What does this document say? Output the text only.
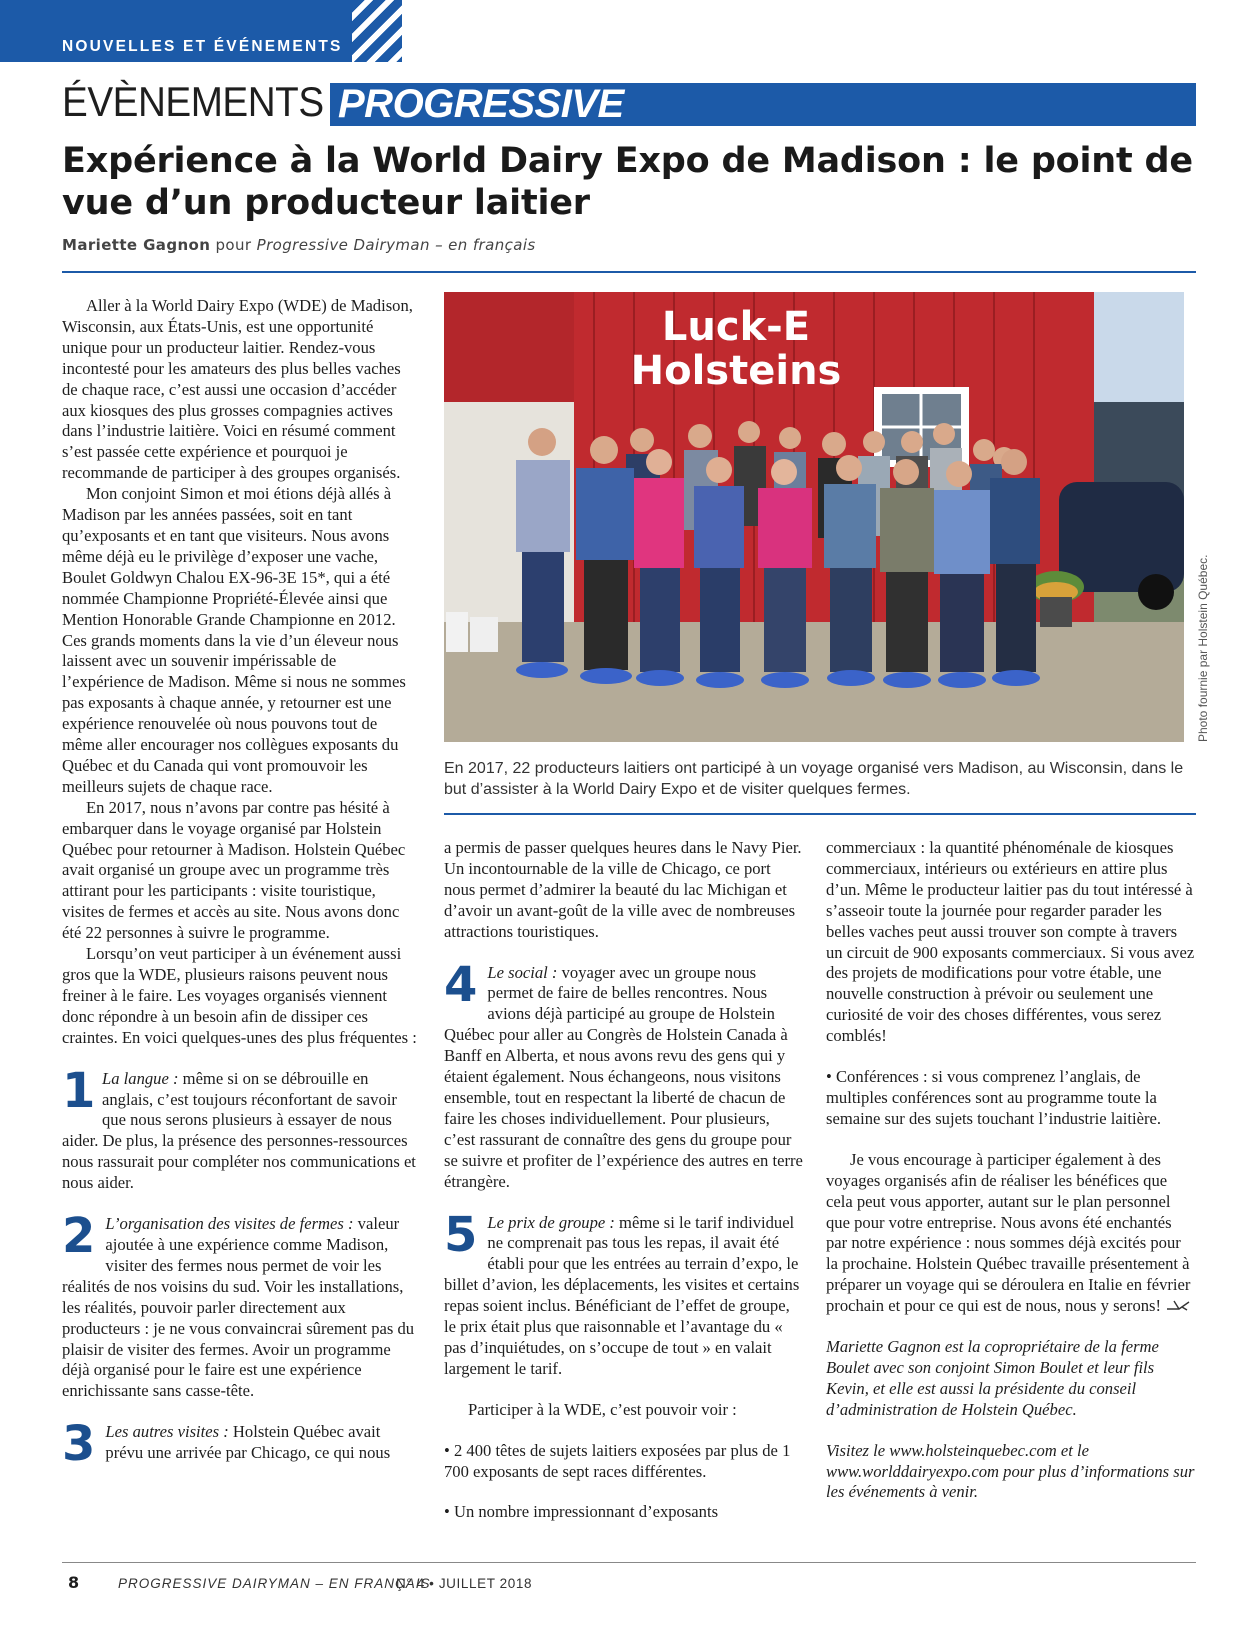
NOUVELLES ET ÉVÉNEMENTS
ÉVÈNEMENTS PROGRESSIVE
Expérience à la World Dairy Expo de Madison : le point de vue d’un producteur laitier
Mariette Gagnon pour Progressive Dairyman – en français
Luck-E
Holsteins
Photo fournie par Holstein Québec.
En 2017, 22 producteurs laitiers ont participé à un voyage organisé vers Madison, au Wisconsin, dans le but d’assister à la World Dairy Expo et de visiter quelques fermes.

Aller à la World Dairy Expo (WDE) de Madison, Wisconsin, aux États-Unis, est une opportunité unique pour un producteur laitier. Rendez-vous incontesté pour les amateurs des plus belles vaches de chaque race, c’est aussi une occasion d’accéder aux kiosques des plus grosses compagnies actives dans l’industrie laitière. Voici en résumé comment s’est passée cette expérience et pourquoi je recommande de participer à des groupes organisés.

Mon conjoint Simon et moi étions déjà allés à Madison par les années passées, soit en tant qu’exposants et en tant que visiteurs. Nous avons même déjà eu le privilège d’exposer une vache, Boulet Goldwyn Chalou EX-96-3E 15*, qui a été nommée Championne Propriété-Élevée ainsi que Mention Honorable Grande Championne en 2012. Ces grands moments dans la vie d’un éleveur nous laissent avec un souvenir impérissable de l’expérience de Madison. Même si nous ne sommes pas exposants à chaque année, y retourner est une expérience renouvelée où nous pouvons tout de même aller encourager nos collègues exposants du Québec et du Canada qui vont promouvoir les meilleurs sujets de chaque race.

En 2017, nous n’avons par contre pas hésité à embarquer dans le voyage organisé par Holstein Québec pour retourner à Madison. Holstein Québec avait organisé un groupe avec un programme très attirant pour les participants : visite touristique, visites de fermes et accès au site. Nous avons donc été 22 personnes à suivre le programme.

Lorsqu’on veut participer à un événement aussi gros que la WDE, plusieurs raisons peuvent nous freiner à le faire. Les voyages organisés viennent donc répondre à un besoin afin de dissiper ces craintes. En voici quelques-unes des plus fréquentes :

1 La langue : même si on se débrouille en anglais, c’est toujours réconfortant de savoir que nous serons plusieurs à essayer de nous aider. De plus, la présence des personnes-ressources nous rassurait pour compléter nos communications et nous aider.

2 L’organisation des visites de fermes : valeur ajoutée à une expérience comme Madison, visiter des fermes nous permet de voir les réalités de nos voisins du sud. Voir les installations, les réalités, pouvoir parler directement aux producteurs : je ne vous convaincrai sûrement pas du plaisir de visiter des fermes. Avoir un programme déjà organisé pour le faire est une expérience enrichissante sans casse-tête.

3 Les autres visites : Holstein Québec avait prévu une arrivée par Chicago, ce qui nous

a permis de passer quelques heures dans le Navy Pier. Un incontournable de la ville de Chicago, ce port nous permet d’admirer la beauté du lac Michigan et d’avoir un avant-goût de la ville avec de nombreuses attractions touristiques.

4 Le social : voyager avec un groupe nous permet de faire de belles rencontres. Nous avions déjà participé au groupe de Holstein Québec pour aller au Congrès de Holstein Canada à Banff en Alberta, et nous avons revu des gens qui y étaient également. Nous échangeons, nous visitons ensemble, tout en respectant la liberté de chacun de faire les choses individuellement. Pour plusieurs, c’est rassurant de connaître des gens du groupe pour se suivre et profiter de l’expérience des autres en terre étrangère.

5 Le prix de groupe : même si le tarif individuel ne comprenait pas tous les repas, il avait été établi pour que les entrées au terrain d’expo, le billet d’avion, les déplacements, les visites et certains repas soient inclus. Bénéficiant de l’effet de groupe, le prix était plus que raisonnable et l’avantage du « pas d’inquiétudes, on s’occupe de tout » en valait largement le tarif.

Participer à la WDE, c’est pouvoir voir :

• 2 400 têtes de sujets laitiers exposées par plus de 1 700 exposants de sept races différentes.

• Un nombre impressionnant d’exposants

commerciaux : la quantité phénoménale de kiosques commerciaux, intérieurs ou extérieurs en attire plus d’un. Même le producteur laitier pas du tout intéressé à s’asseoir toute la journée pour regarder parader les belles vaches peut aussi trouver son compte à travers un circuit de 900 exposants commerciaux. Si vous avez des projets de modifications pour votre étable, une nouvelle construction à prévoir ou seulement une curiosité de voir des choses différentes, vous serez comblés!

• Conférences : si vous comprenez l’anglais, de multiples conférences sont au programme toute la semaine sur des sujets touchant l’industrie laitière.

Je vous encourage à participer également à des voyages organisés afin de réaliser les bénéfices que cela peut vous apporter, autant sur le plan personnel que pour votre entreprise. Nous avons été enchantés par notre expérience : nous sommes déjà excités pour la prochaine. Holstein Québec travaille présentement à préparer un voyage qui se déroulera en Italie en février prochain et pour ce qui est de nous, nous y serons!

Mariette Gagnon est la copropriétaire de la ferme Boulet avec son conjoint Simon Boulet et leur fils Kevin, et elle est aussi la présidente du conseil d’administration de Holstein Québec.

Visitez le www.holsteinquebec.com et le www.worlddairyexpo.com pour plus d’informations sur les événements à venir.

8	PROGRESSIVE DAIRYMAN – EN FRANÇAIS
N° 4 • JUILLET 2018
